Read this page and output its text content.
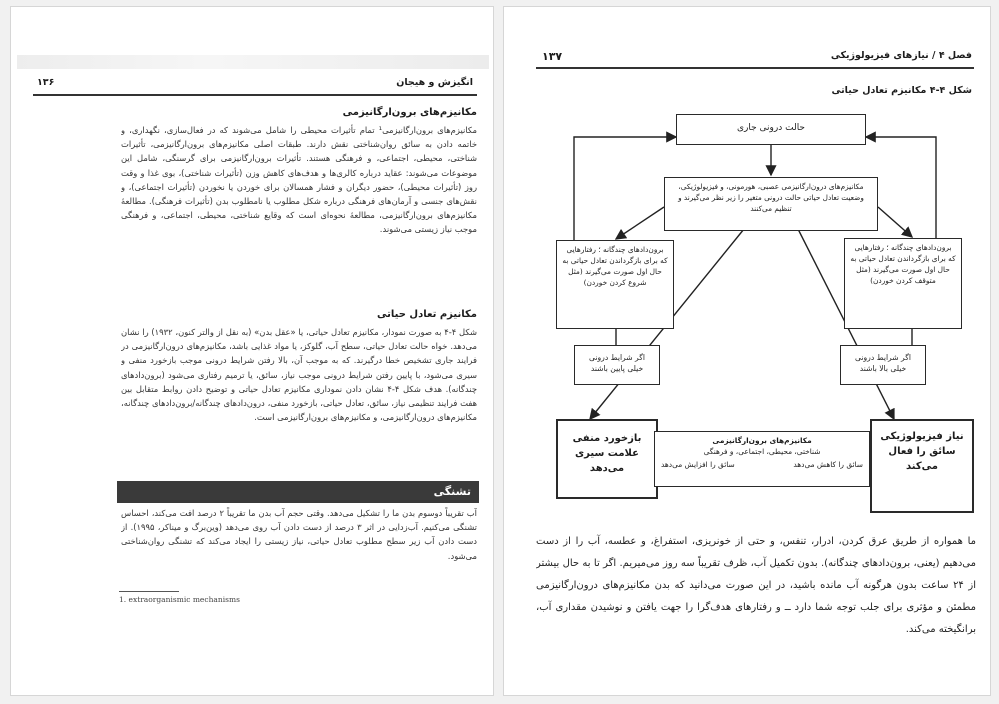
۱۳۶	انگیزش و هیجان
مکانیزم‌های برون‌ارگانیزمی
مکانیزم‌های برون‌ارگانیزمی¹ تمام تأثیرات محیطی را شامل می‌شوند که در فعال‌سازی، نگهداری، و خاتمه دادن به سائق روان‌شناختی نقش دارند. طبقات اصلی مکانیزم‌های برون‌ارگانیزمی، تأثیرات شناختی، محیطی، اجتماعی، و فرهنگی هستند. تأثیرات برون‌ارگانیزمی برای گرسنگی، شامل این موضوعات می‌شوند: عقاید درباره کالری‌ها و هدف‌های کاهش وزن (تأثیرات شناختی)، بوی غذا و وقت روز (تأثیرات محیطی)، حضور دیگران و فشار همسالان برای خوردن یا نخوردن (تأثیرات اجتماعی)، و نقش‌های جنسی و آرمان‌های فرهنگی درباره شکل مطلوب یا نامطلوب بدن (تأثیرات فرهنگی). مطالعهٔ مکانیزم‌های برون‌ارگانیزمی، مطالعهٔ نحوه‌ای است که وقایع شناختی، محیطی، اجتماعی، و فرهنگی موجب نیاز زیستی می‌شوند.
مکانیزم تعادل حیاتی
شکل ۴-۴ به صورت نمودار، مکانیزم تعادل حیاتی، یا «عقل بدن» (به نقل از والتر کنون، ۱۹۳۲) را نشان می‌دهد. خواه حالت تعادل حیاتی، سطح آب، گلوکز، یا مواد غذایی باشد، مکانیزم‌های درون‌ارگانیزمی در فرایند جاری تشخیص خطا درگیرند. که به موجب آن، بالا رفتن شرایط درونی موجب بازخورد منفی و سیری می‌شود، با پایین رفتن شرایط درونی موجب نیاز، سائق، یا ترمیم رفتاری می‌شود (برون‌دادهای چندگانه). هدف شکل ۴-۴ نشان دادن نموداری مکانیزم تعادل حیاتی و توضیح دادن روابط متقابل بین هفت فرایند تنظیمی نیاز، سائق، تعادل حیاتی، بازخورد منفی، درون‌دادهای چندگانه/برون‌دادهای چندگانه، مکانیزم‌های درون‌ارگانیزمی، و مکانیزم‌های برون‌ارگانیزمی است.
تشنگی
آب تقریباً دوسوم بدن ما را تشکیل می‌دهد. وقتی حجم آب بدن ما تقریباً ۲ درصد افت می‌کند، احساس تشنگی می‌کنیم. آب‌زدایی در اثر ۳ درصد از دست دادن آب روی می‌دهد (وین‌برگ و میناکر، ۱۹۹۵). از دست دادن آب زیر سطح مطلوب تعادل حیاتی، نیاز زیستی را ایجاد می‌کند که تشنگی روان‌شناختی می‌شود.
1. extraorganismic mechanisms
۱۳۷	فصل ۴ / نیازهای فیزیولوژیکی
شکل ۴-۴ مکانیزم تعادل حیاتی
حالت درونی جاری
مکانیزم‌های درون‌ارگانیزمی عصبی، هورمونی، و فیزیولوژیکی، وضعیت تعادل حیاتی حالت درونی متغیر را زیر نظر می‌گیرند و تنظیم می‌کنند
برون‌دادهای چندگانه ؛ رفتارهایی که برای بازگرداندن تعادل حیاتی به حال اول صورت می‌گیرند (مثل شروع کردن خوردن)
برون‌دادهای چندگانه ؛ رفتارهایی که برای بازگرداندن تعادل حیاتی به حال اول صورت می‌گیرند (مثل متوقف کردن خوردن)
اگر شرایط درونی خیلی پایین باشند
اگر شرایط درونی خیلی بالا باشند
بازخورد منفی علامت سیری می‌دهد
مکانیزم‌های برون‌ارگانیزمی
شناختی، محیطی، اجتماعی، و فرهنگی
سائق را کاهش می‌دهد
سائق را افزایش می‌دهد
نیاز فیزیولوژیکی سائق را فعال می‌کند
ما همواره از طریق عرق کردن، ادرار، تنفس، و حتی از خونریزی، استفراغ، و عطسه، آب را از دست می‌دهیم (یعنی، برون‌دادهای چندگانه). بدون تکمیل آب، ظرف تقریباً سه روز می‌میریم. اگر تا به حال بیشتر از ۲۴ ساعت بدون هرگونه آب مانده باشید، در این صورت می‌دانید که بدن مکانیزم‌های درون‌ارگانیزمی مطمئن و مؤثری برای جلب توجه شما دارد ــ و رفتارهای هدف‌گرا را جهت یافتن و نوشیدن مقداری آب، برانگیخته می‌کند.
